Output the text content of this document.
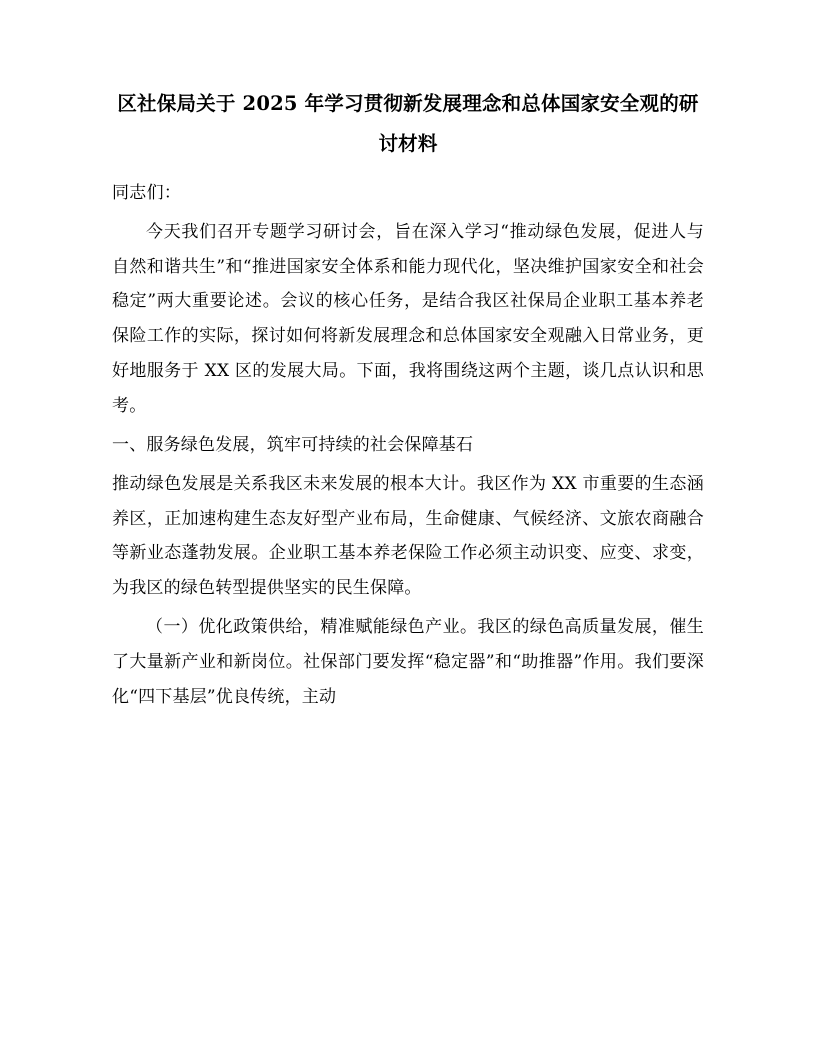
区社保局关于 2025 年学习贯彻新发展理念和总体国家安全观的研讨材料

同志们：

今天我们召开专题学习研讨会，旨在深入学习“推动绿色发展，促进人与自然和谐共生”和“推进国家安全体系和能力现代化，坚决维护国家安全和社会稳定”两大重要论述。会议的核心任务，是结合我区社保局企业职工基本养老保险工作的实际，探讨如何将新发展理念和总体国家安全观融入日常业务，更好地服务于 XX 区的发展大局。下面，我将围绕这两个主题，谈几点认识和思考。

一、服务绿色发展，筑牢可持续的社会保障基石

推动绿色发展是关系我区未来发展的根本大计。我区作为 XX 市重要的生态涵养区，正加速构建生态友好型产业布局，生命健康、气候经济、文旅农商融合等新业态蓬勃发展。企业职工基本养老保险工作必须主动识变、应变、求变，为我区的绿色转型提供坚实的民生保障。

（一）优化政策供给，精准赋能绿色产业。我区的绿色高质量发展，催生了大量新产业和新岗位。社保部门要发挥“稳定器”和“助推器”作用。我们要深化“四下基层”优良传统，主动
